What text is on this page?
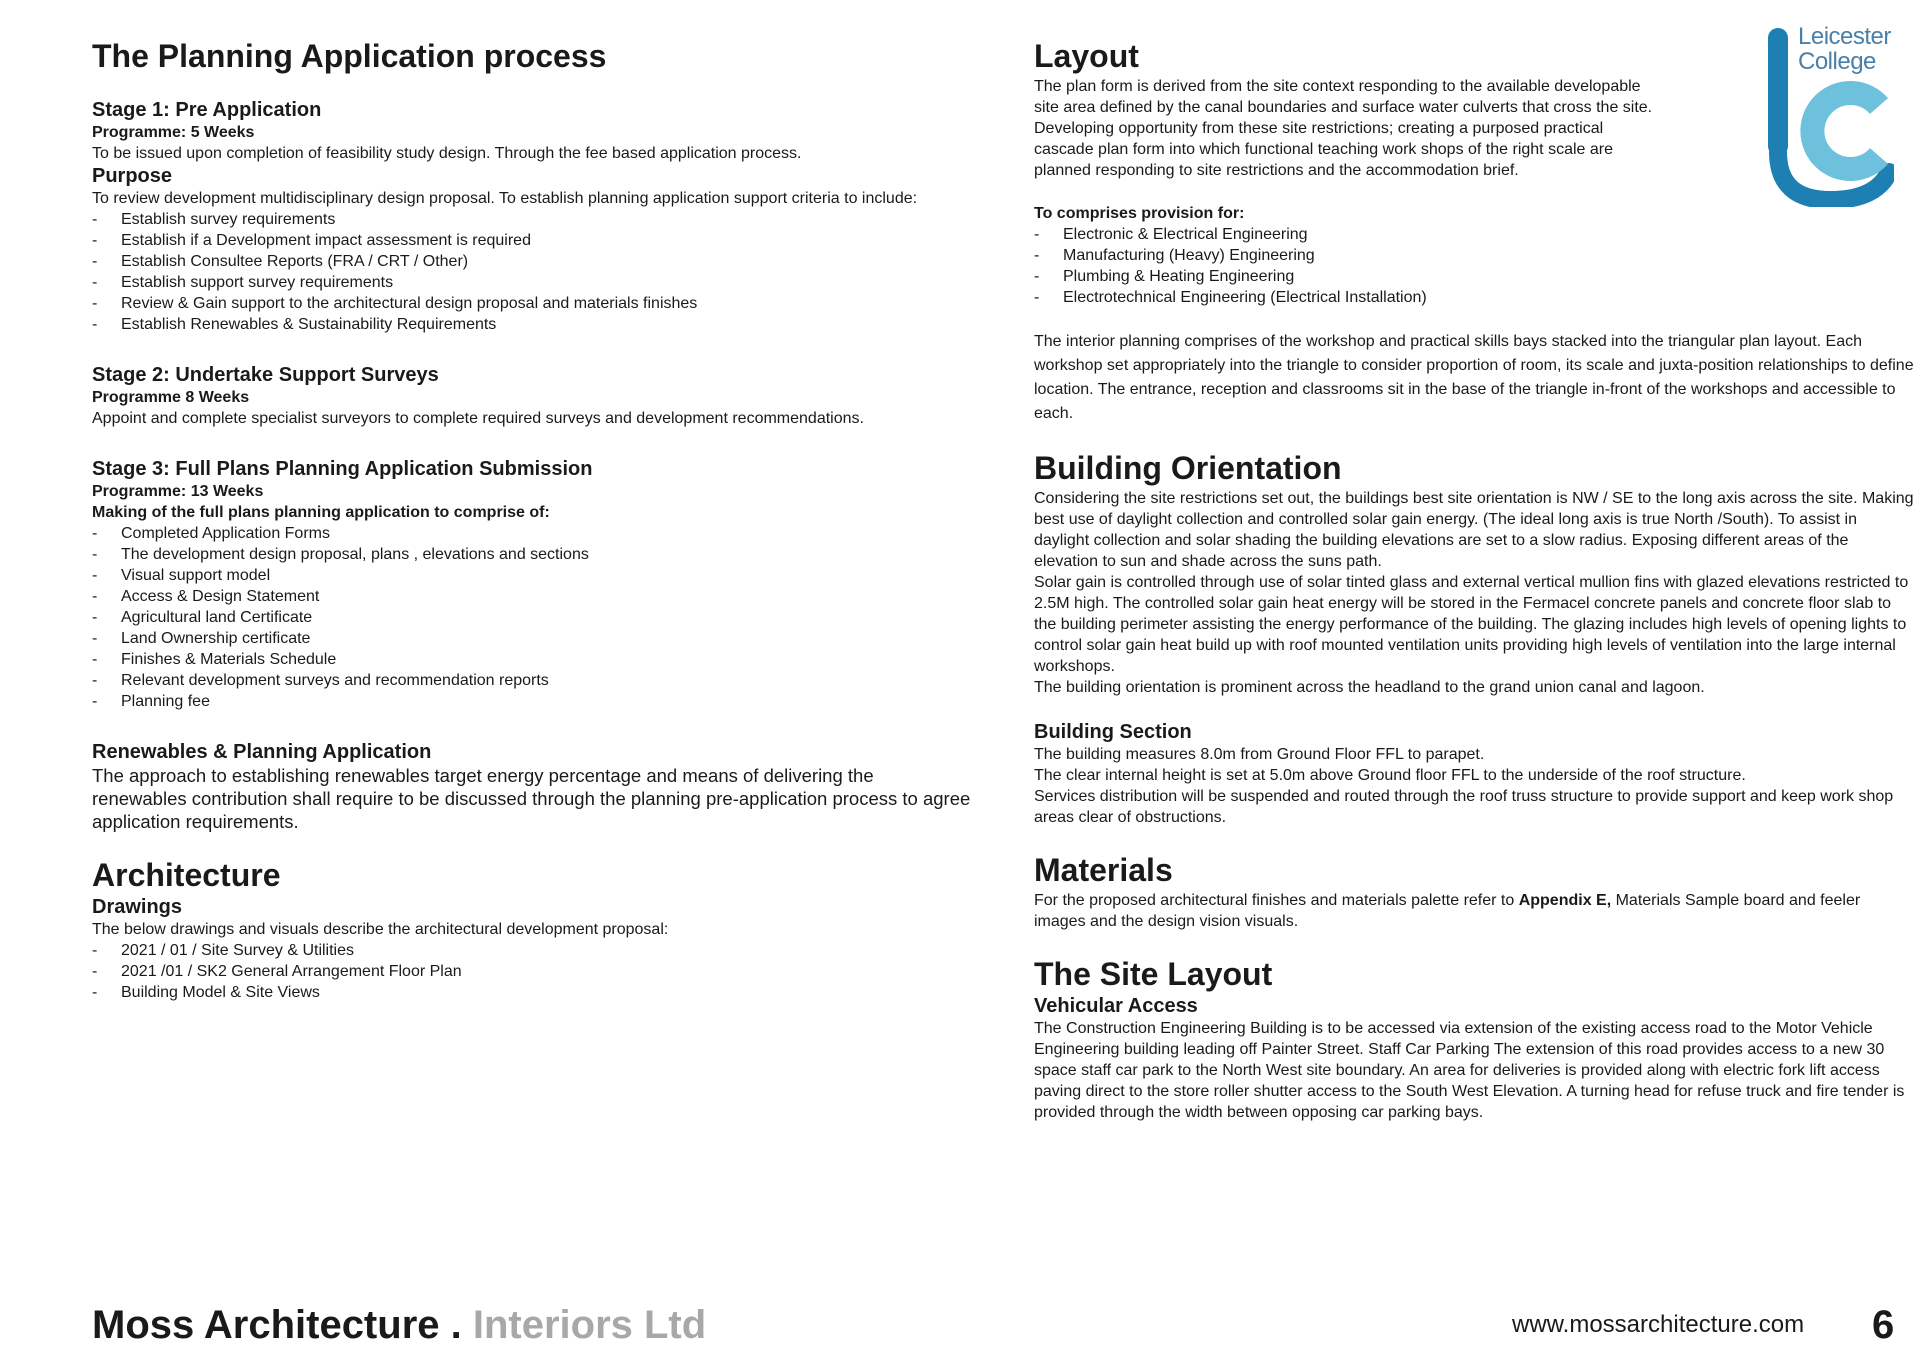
The Planning Application process
Stage 1: Pre Application

Programme: 5 Weeks

To be issued upon completion of feasibility study design. Through the fee based application process.

Purpose

To review development multidisciplinary design proposal. To establish planning application support criteria to include:

- Establish survey requirements
- Establish if a Development impact assessment is required
- Establish Consultee Reports (FRA / CRT / Other)
- Establish support survey requirements
- Review & Gain support to the architectural design proposal and materials finishes
- Establish Renewables & Sustainability Requirements
Stage 2: Undertake Support Surveys

Programme 8 Weeks

Appoint and complete specialist surveyors to complete required surveys and development recommendations.

Stage 3: Full Plans Planning Application Submission

Programme: 13 Weeks

Making of the full plans planning application to comprise of:

- Completed Application Forms
- The development design proposal, plans , elevations and sections
- Visual support model
- Access & Design Statement
- Agricultural land Certificate
- Land Ownership certificate
- Finishes & Materials Schedule
- Relevant development surveys and recommendation reports
- Planning fee
Renewables & Planning Application

The approach to establishing renewables target energy percentage and means of delivering the renewables contribution shall require to be discussed through the planning pre-application process to agree application requirements.

Architecture
Drawings

The below drawings and visuals describe the architectural development proposal:

- 2021 / 01 / Site Survey & Utilities
- 2021 /01 / SK2 General Arrangement Floor Plan
- Building Model & Site Views
Layout

The plan form is derived from the site context responding to the available developable site area defined by the canal boundaries and surface water culverts that cross the site. Developing opportunity from these site restrictions; creating a purposed practical cascade plan form into which functional teaching work shops of the right scale are planned responding to site restrictions and the accommodation brief.

To comprises provision for:

- Electronic & Electrical Engineering
- Manufacturing (Heavy) Engineering
- Plumbing & Heating Engineering
- Electrotechnical Engineering (Electrical Installation)

The interior planning comprises of the workshop and practical skills bays stacked into the triangular plan layout. Each workshop set appropriately into the triangle to consider proportion of room, its scale and juxta-position relationships to define location. The entrance, reception and classrooms sit in the base of the triangle in-front of the workshops and accessible to each.

Building Orientation

Considering the site restrictions set out, the buildings best site orientation is NW / SE to the long axis across the site. Making best use of daylight collection and controlled solar gain energy. (The ideal long axis is true North /South). To assist in daylight collection and solar shading the building elevations are set to a slow radius. Exposing different areas of the elevation to sun and shade across the suns path.

Solar gain is controlled through use of solar tinted glass and external vertical mullion fins with glazed elevations restricted to 2.5M high. The controlled solar gain heat energy will be stored in the Fermacel concrete panels and concrete floor slab to the building perimeter assisting the energy performance of the building. The glazing includes high levels of opening lights to control solar gain heat build up with roof mounted ventilation units providing high levels of ventilation into the large internal workshops.

The building orientation is prominent across the headland to the grand union canal and lagoon.

Building Section

The building measures 8.0m from Ground Floor FFL to parapet.

The clear internal height is set at 5.0m above Ground floor FFL to the underside of the roof structure.

Services distribution will be suspended and routed through the roof truss structure to provide support and keep work shop areas clear of obstructions.

Materials

For the proposed architectural finishes and materials palette refer to Appendix E, Materials Sample board and feeler images and the design vision visuals.

The Site Layout
Vehicular Access

The Construction Engineering Building is to be accessed via extension of the existing access road to the Motor Vehicle Engineering building leading off Painter Street. Staff Car Parking The extension of this road provides access to a new 30 space staff car park to the North West site boundary. An area for deliveries is provided along with electric fork lift access paving direct to the store roller shutter access to the South West Elevation. A turning head for refuse truck and fire tender is provided through the width between opposing car parking bays.

Leicester
College
Moss Architecture . Interiors Ltd	www.mossarchitecture.com 6
